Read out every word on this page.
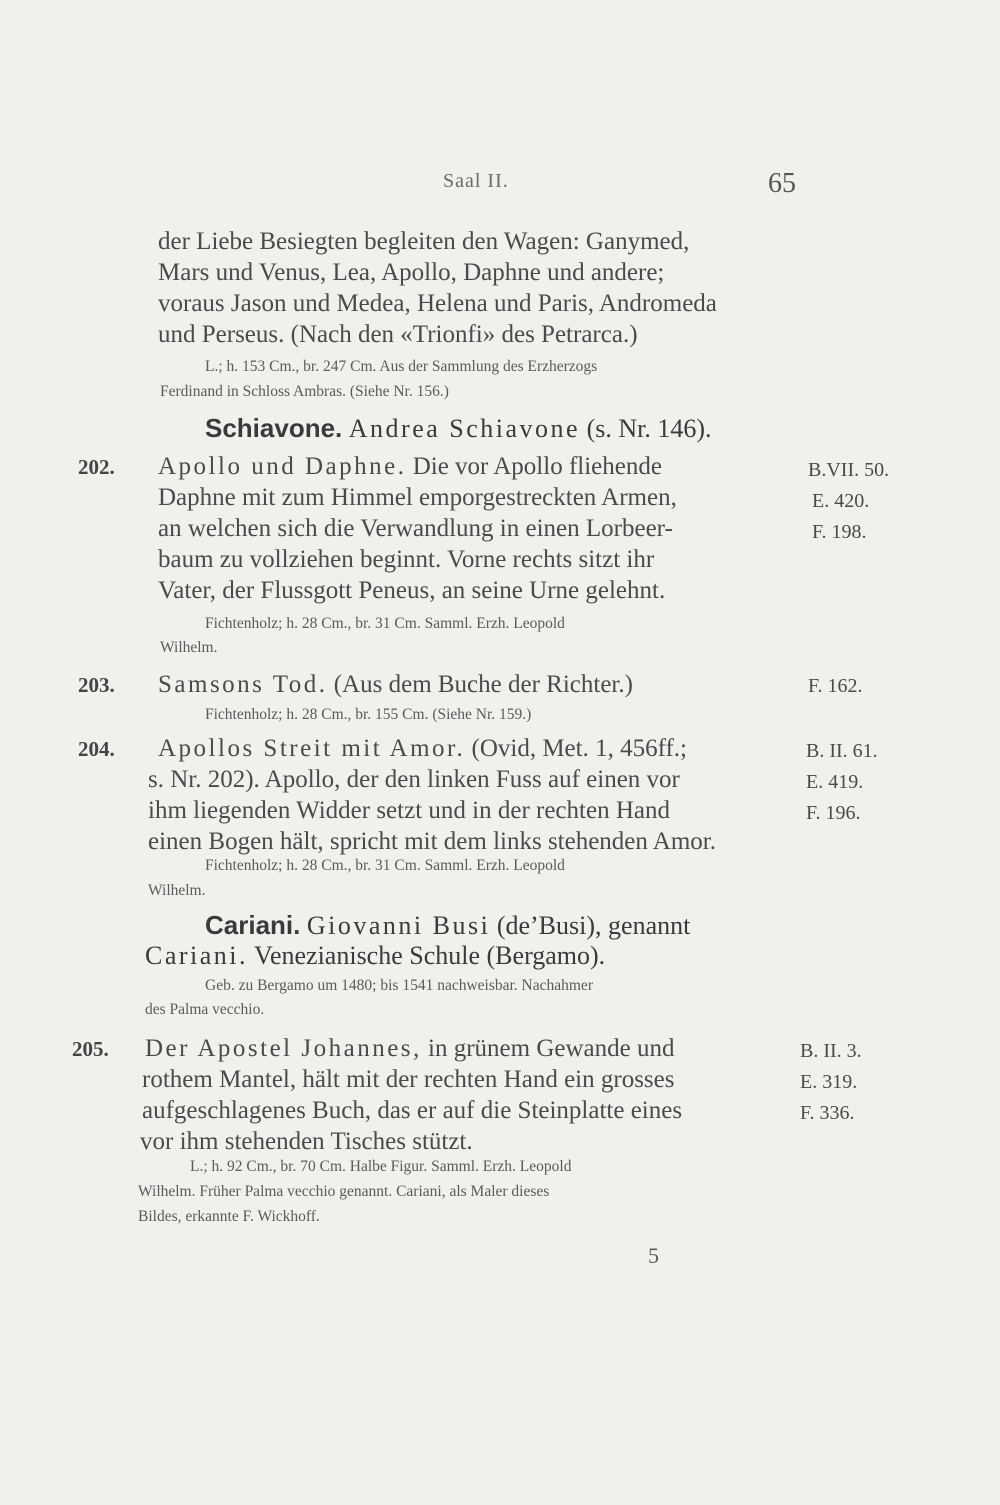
Saal II.	65
der Liebe Besiegten begleiten den Wagen: Ganymed,
Mars und Venus, Lea, Apollo, Daphne und andere;
voraus Jason und Medea, Helena und Paris, Andromeda
und Perseus. (Nach den «Trionfi» des Petrarca.)
L.; h. 153 Cm., br. 247 Cm. Aus der Sammlung des Erzherzogs
Ferdinand in Schloss Ambras. (Siehe Nr. 156.)
Schiavone. Andrea Schiavone (s. Nr. 146).
202. Apollo und Daphne. Die vor Apollo fliehende
Daphne mit zum Himmel emporgestreckten Armen,
an welchen sich die Verwandlung in einen Lorbeer-
baum zu vollziehen beginnt. Vorne rechts sitzt ihr
Vater, der Flussgott Peneus, an seine Urne gelehnt.
Fichtenholz; h. 28 Cm., br. 31 Cm. Samml. Erzh. Leopold
Wilhelm.
B.VII. 50.
E. 420.
F. 198.
203. Samsons Tod. (Aus dem Buche der Richter.)
Fichtenholz; h. 28 Cm., br. 155 Cm. (Siehe Nr. 159.)
F. 162.
204. Apollos Streit mit Amor. (Ovid, Met. 1, 456ff.;
s. Nr. 202). Apollo, der den linken Fuss auf einen vor
ihm liegenden Widder setzt und in der rechten Hand
einen Bogen hält, spricht mit dem links stehenden Amor.
Fichtenholz; h. 28 Cm., br. 31 Cm. Samml. Erzh. Leopold
Wilhelm.
B. II. 61.
E. 419.
F. 196.
Cariani. Giovanni Busi (de’Busi), genannt
Cariani. Venezianische Schule (Bergamo).
Geb. zu Bergamo um 1480; bis 1541 nachweisbar. Nachahmer
des Palma vecchio.
205. Der Apostel Johannes, in grünem Gewande und
rothem Mantel, hält mit der rechten Hand ein grosses
aufgeschlagenes Buch, das er auf die Steinplatte eines
vor ihm stehenden Tisches stützt.
L.; h. 92 Cm., br. 70 Cm. Halbe Figur. Samml. Erzh. Leopold
Wilhelm. Früher Palma vecchio genannt. Cariani, als Maler dieses
Bildes, erkannte F. Wickhoff.
B. II. 3.
E. 319.
F. 336.
5
